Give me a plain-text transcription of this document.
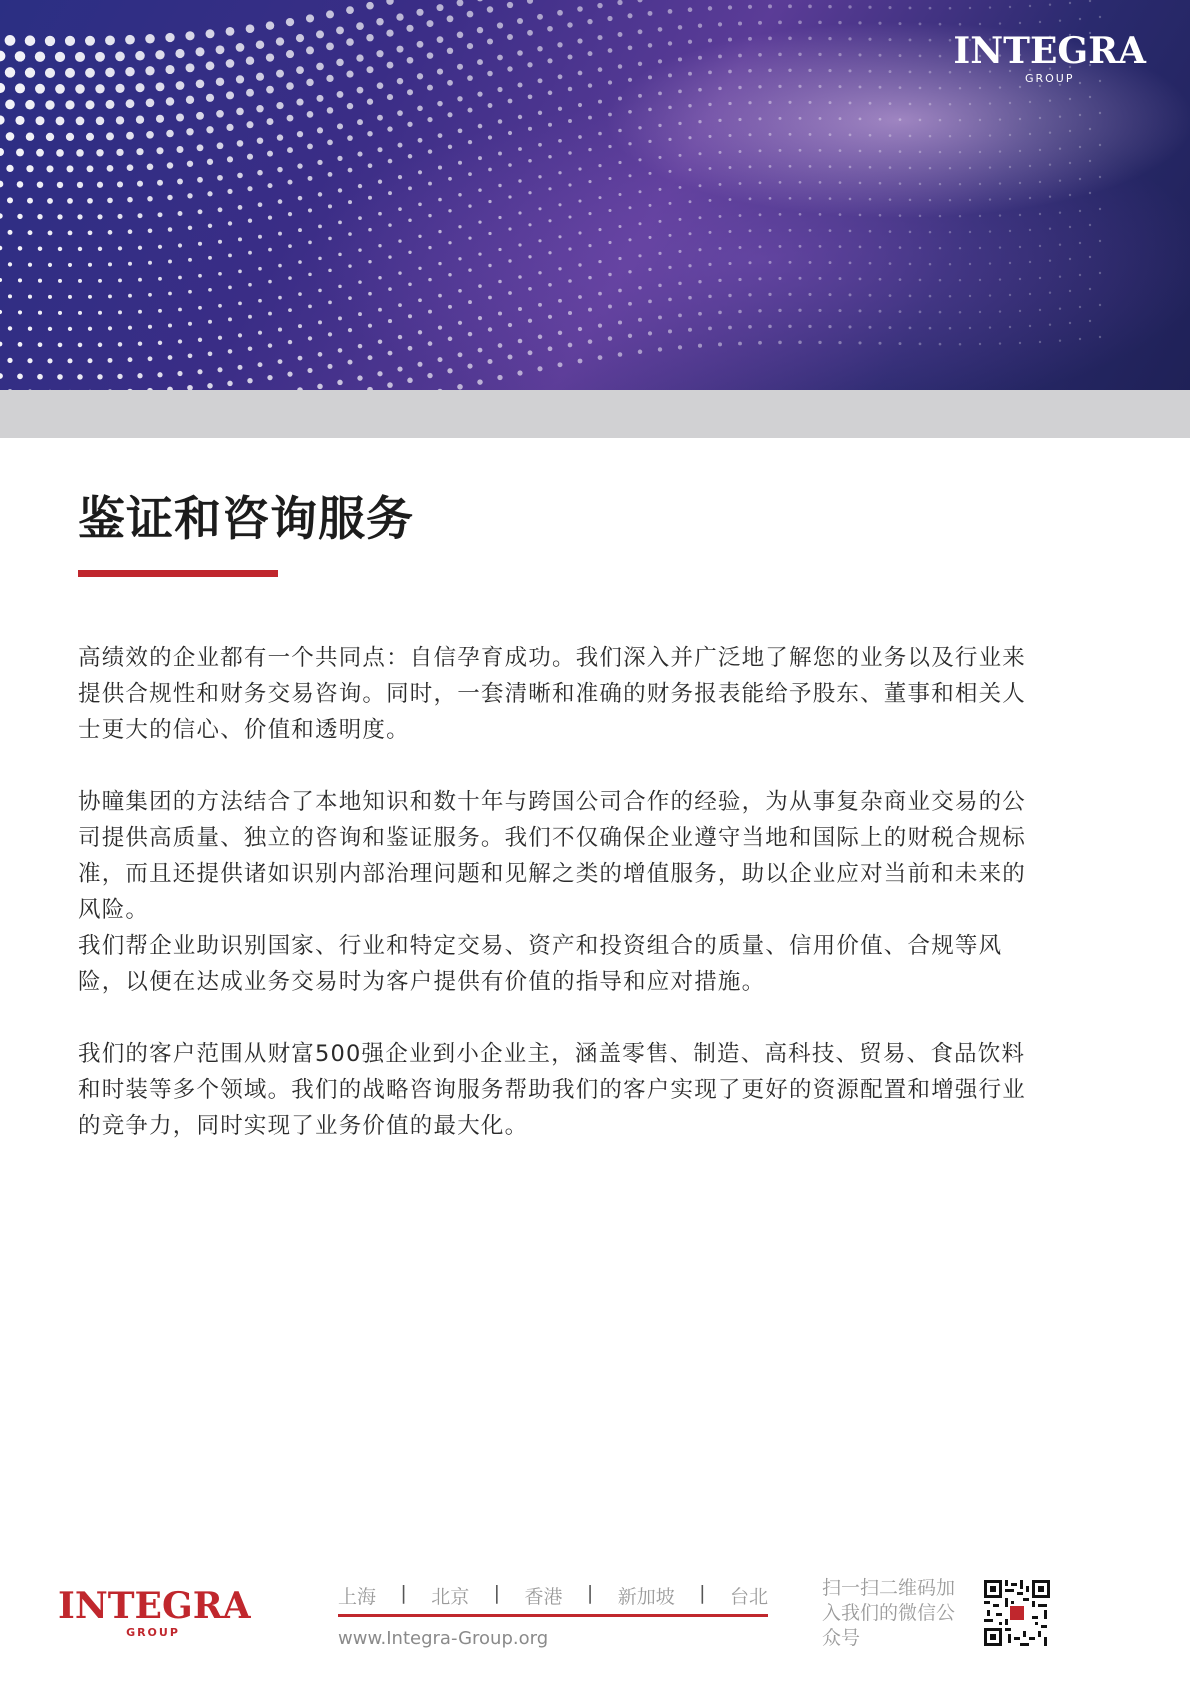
INTEGRA
GROUP
鉴证和咨询服务

高绩效的企业都有一个共同点：自信孕育成功。我们深入并广泛地了解您的业务以及行业来提供合规性和财务交易咨询。同时，一套清晰和准确的财务报表能给予股东、董事和相关人士更大的信心、价值和透明度。

协瞳集团的方法结合了本地知识和数十年与跨国公司合作的经验，为从事复杂商业交易的公司提供高质量、独立的咨询和鉴证服务。我们不仅确保企业遵守当地和国际上的财税合规标准，而且还提供诸如识别内部治理问题和见解之类的增值服务，助以企业应对当前和未来的风险。

我们帮企业助识别国家、行业和特定交易、资产和投资组合的质量、信用价值、合规等风险，以便在达成业务交易时为客户提供有价值的指导和应对措施。

我们的客户范围从财富500强企业到小企业主，涵盖零售、制造、高科技、贸易、食品饮料和时装等多个领域。我们的战略咨询服务帮助我们的客户实现了更好的资源配置和增强行业的竞争力，同时实现了业务价值的最大化。

INTEGRA
GROUP
上海 | 北京 | 香港 | 新加坡 | 台北
www.Integra-Group.org
扫一扫二维码加入我们的微信公众号
